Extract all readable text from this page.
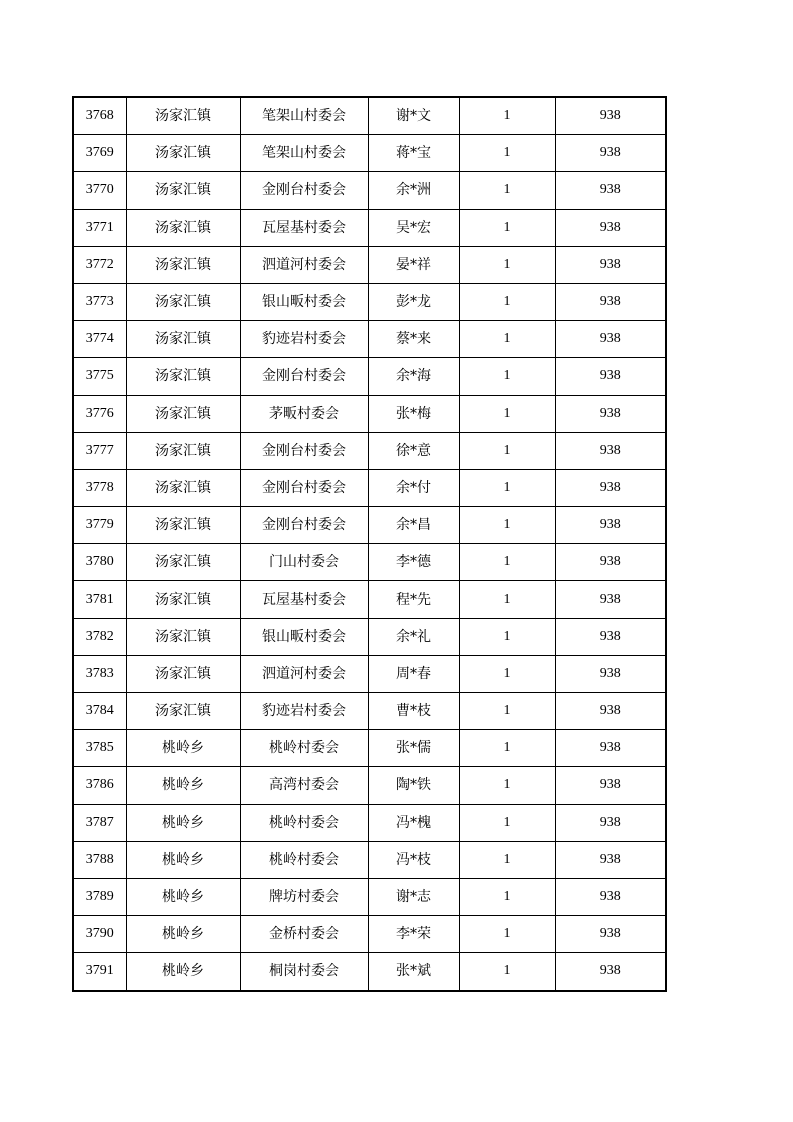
3768	汤家汇镇	笔架山村委会	谢*文	1	938
3769	汤家汇镇	笔架山村委会	蒋*宝	1	938
3770	汤家汇镇	金刚台村委会	余*洲	1	938
3771	汤家汇镇	瓦屋基村委会	吴*宏	1	938
3772	汤家汇镇	泗道河村委会	晏*祥	1	938
3773	汤家汇镇	银山畈村委会	彭*龙	1	938
3774	汤家汇镇	豹迹岩村委会	蔡*来	1	938
3775	汤家汇镇	金刚台村委会	余*海	1	938
3776	汤家汇镇	茅畈村委会	张*梅	1	938
3777	汤家汇镇	金刚台村委会	徐*意	1	938
3778	汤家汇镇	金刚台村委会	余*付	1	938
3779	汤家汇镇	金刚台村委会	余*昌	1	938
3780	汤家汇镇	门山村委会	李*德	1	938
3781	汤家汇镇	瓦屋基村委会	程*先	1	938
3782	汤家汇镇	银山畈村委会	余*礼	1	938
3783	汤家汇镇	泗道河村委会	周*春	1	938
3784	汤家汇镇	豹迹岩村委会	曹*枝	1	938
3785	桃岭乡	桃岭村委会	张*儒	1	938
3786	桃岭乡	高湾村委会	陶*铁	1	938
3787	桃岭乡	桃岭村委会	冯*槐	1	938
3788	桃岭乡	桃岭村委会	冯*枝	1	938
3789	桃岭乡	牌坊村委会	谢*志	1	938
3790	桃岭乡	金桥村委会	李*荣	1	938
3791	桃岭乡	桐岗村委会	张*斌	1	938
